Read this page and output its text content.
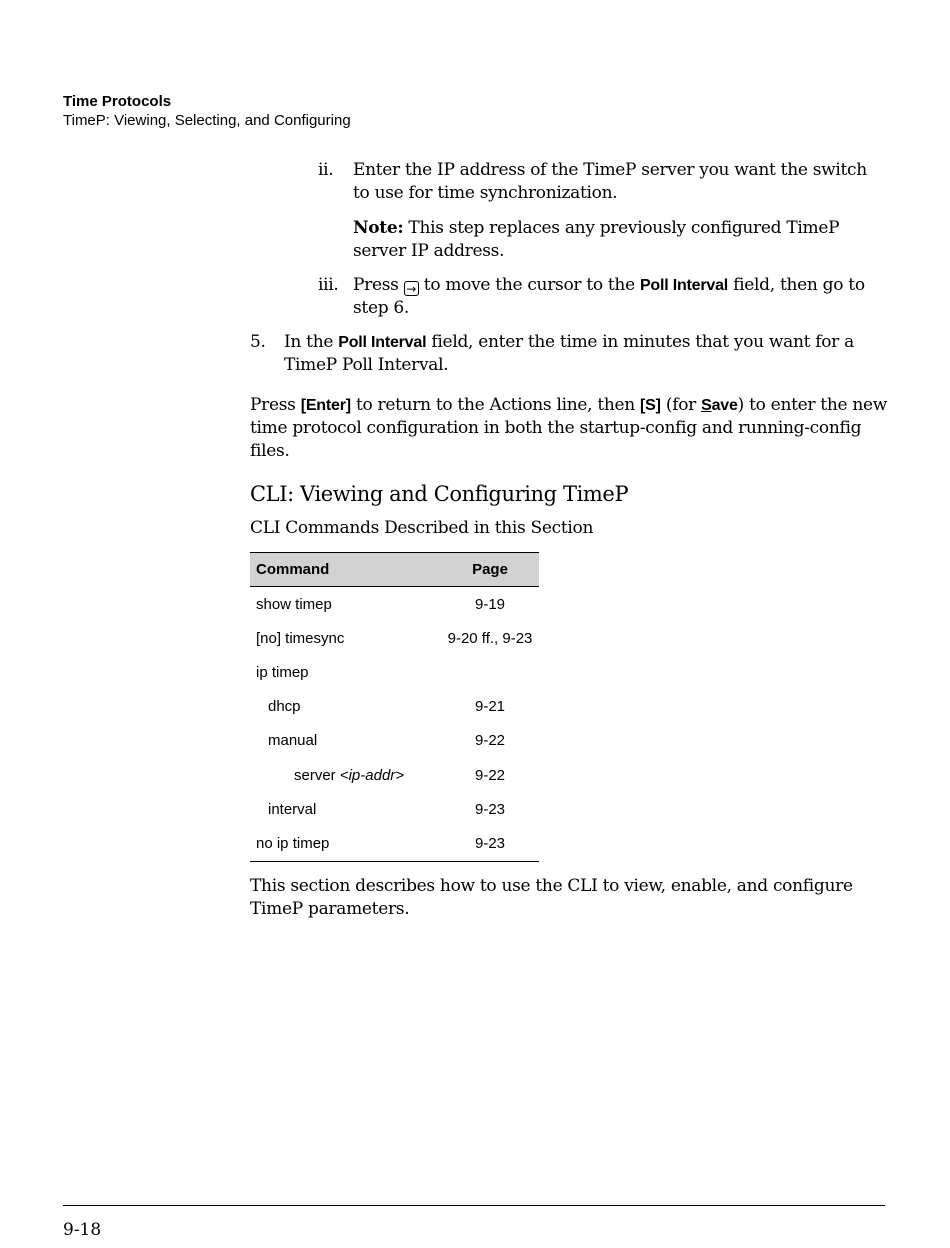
Time Protocols
TimeP: Viewing, Selecting, and Configuring
ii. Enter the IP address of the TimeP server you want the switch to use for time synchronization.
Note: This step replaces any previously configured TimeP server IP address.
iii. Press → to move the cursor to the Poll Interval field, then go to step 6.
5. In the Poll Interval field, enter the time in minutes that you want for a TimeP Poll Interval.
Press [Enter] to return to the Actions line, then [S] (for Save) to enter the new time protocol configuration in both the startup-config and running-config files.
CLI: Viewing and Configuring TimeP
CLI Commands Described in this Section
Command	Page
show timep	9-19
[no] timesync	9-20 ff., 9-23
ip timep	
dhcp	9-21
manual	9-22
server <ip-addr>	9-22
interval	9-23
no ip timep	9-23
This section describes how to use the CLI to view, enable, and configure TimeP parameters.
9-18
